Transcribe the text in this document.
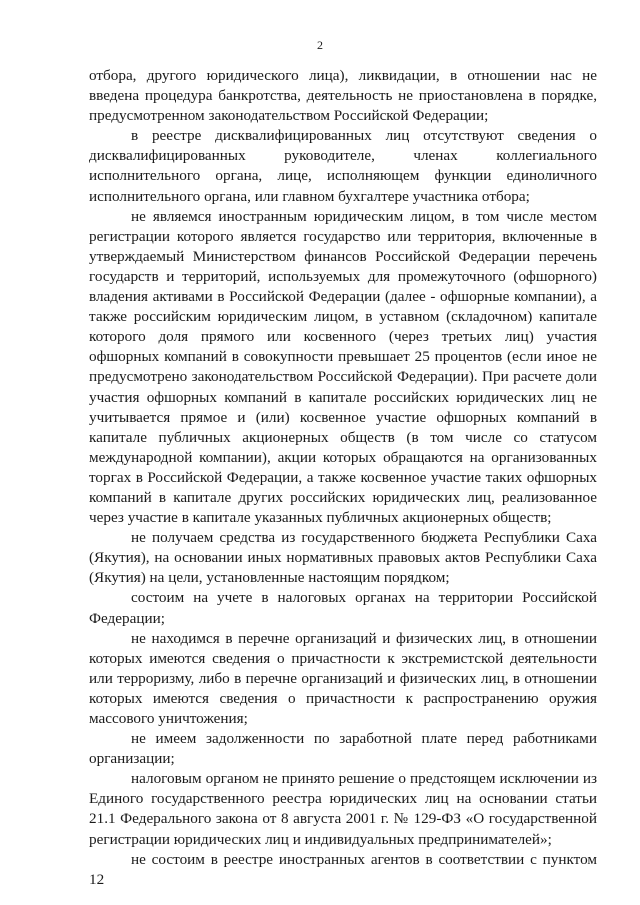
2

отбора, другого юридического лица), ликвидации, в отношении нас не введена процедура банкротства, деятельность не приостановлена в порядке, предусмотренном законодательством Российской Федерации;

в реестре дисквалифицированных лиц отсутствуют сведения о дисквалифицированных руководителе, членах коллегиального исполнительного органа, лице, исполняющем функции единоличного исполнительного органа, или главном бухгалтере участника отбора;

не являемся иностранным юридическим лицом, в том числе местом регистрации которого является государство или территория, включенные в утверждаемый Министерством финансов Российской Федерации перечень государств и территорий, используемых для промежуточного (офшорного) владения активами в Российской Федерации (далее - офшорные компании), а также российским юридическим лицом, в уставном (складочном) капитале которого доля прямого или косвенного (через третьих лиц) участия офшорных компаний в совокупности превышает 25 процентов (если иное не предусмотрено законодательством Российской Федерации). При расчете доли участия офшорных компаний в капитале российских юридических лиц не учитывается прямое и (или) косвенное участие офшорных компаний в капитале публичных акционерных обществ (в том числе со статусом международной компании), акции которых обращаются на организованных торгах в Российской Федерации, а также косвенное участие таких офшорных компаний в капитале других российских юридических лиц, реализованное через участие в капитале указанных публичных акционерных обществ;

не получаем средства из государственного бюджета Республики Саха (Якутия), на основании иных нормативных правовых актов Республики Саха (Якутия) на цели, установленные настоящим порядком;

состоим на учете в налоговых органах на территории Российской Федерации;

не находимся в перечне организаций и физических лиц, в отношении которых имеются сведения о причастности к экстремистской деятельности или терроризму, либо в перечне организаций и физических лиц, в отношении которых имеются сведения о причастности к распространению оружия массового уничтожения;

не имеем задолженности по заработной плате перед работниками организации;

налоговым органом не принято решение о предстоящем исключении из Единого государственного реестра юридических лиц на основании статьи 21.1 Федерального закона от 8 августа 2001 г. № 129-ФЗ «О государственной регистрации юридических лиц и индивидуальных предпринимателей»;

не состоим в реестре иностранных агентов в соответствии с пунктом 12
